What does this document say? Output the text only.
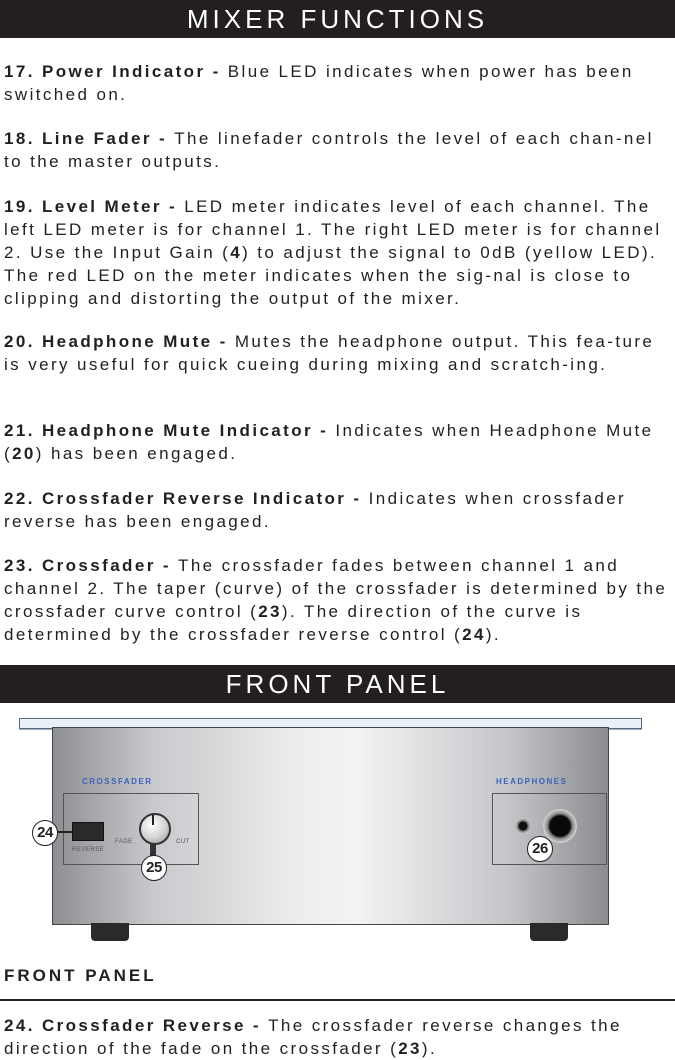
MIXER FUNCTIONS

17. Power Indicator - Blue LED indicates when power has been switched on.

18. Line Fader - The linefader controls the level of each chan-nel to the master outputs.

19. Level Meter - LED meter indicates level of each channel. The left LED meter is for channel 1. The right LED meter is for channel 2. Use the Input Gain (4) to adjust the signal to 0dB (yellow LED). The red LED on the meter indicates when the sig-nal is close to clipping and distorting the output of the mixer.

20. Headphone Mute - Mutes the headphone output. This fea-ture is very useful for quick cueing during mixing and scratch-ing.

21. Headphone Mute Indicator - Indicates when Headphone Mute (20) has been engaged.

22. Crossfader Reverse Indicator - Indicates when crossfader reverse has been engaged.

23. Crossfader - The crossfader fades between channel 1 and channel 2. The taper (curve) of the crossfader is determined by the crossfader curve control (23). The direction of the curve is determined by the crossfader reverse control (24).

FRONT PANEL
CROSSFADER	HEADPHONES
REVERSE
FADE	CUT
24
25
26

FRONT PANEL

24. Crossfader Reverse - The crossfader reverse changes the direction of the fade on the crossfader (23).
